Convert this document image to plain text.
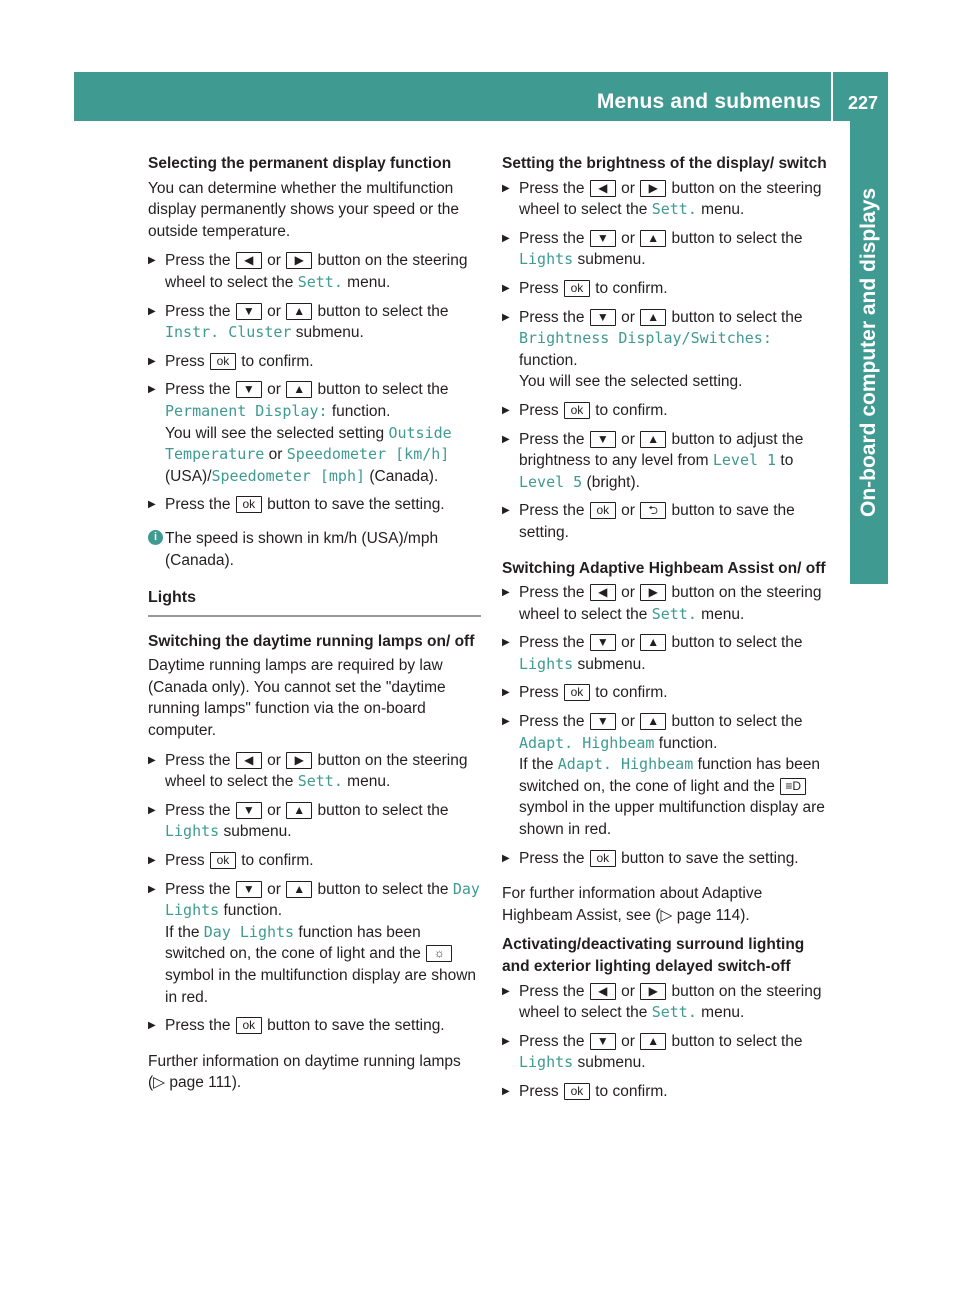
Menus and submenus 227
On-board computer and displays
Selecting the permanent display function

You can determine whether the multifunction display permanently shows your speed or the outside temperature.

▶ Press the ◀ or ▶ button on the steering wheel to select the Sett. menu.
▶ Press the ▼ or ▲ button to select the Instr. Cluster submenu.
▶ Press ok to confirm.
▶ Press the ▼ or ▲ button to select the Permanent Display: function.
You will see the selected setting Outside Temperature or Speedometer [km/h] (USA)/Speedometer [mph] (Canada).
▶ Press the ok button to save the setting.
i The speed is shown in km/h (USA)/mph (Canada).
Lights
Switching the daytime running lamps on/ off

Daytime running lamps are required by law (Canada only). You cannot set the "daytime running lamps" function via the on-board computer.

▶ Press the ◀ or ▶ button on the steering wheel to select the Sett. menu.
▶ Press the ▼ or ▲ button to select the Lights submenu.
▶ Press ok to confirm.
▶ Press the ▼ or ▲ button to select the Day Lights function.
If the Day Lights function has been switched on, the cone of light and the ☼ symbol in the multifunction display are shown in red.
▶ Press the ok button to save the setting.

Further information on daytime running lamps (▷ page 111).

Setting the brightness of the display/ switch
▶ Press the ◀ or ▶ button on the steering wheel to select the Sett. menu.
▶ Press the ▼ or ▲ button to select the Lights submenu.
▶ Press ok to confirm.
▶ Press the ▼ or ▲ button to select the Brightness Display/Switches:
function.
You will see the selected setting.
▶ Press ok to confirm.
▶ Press the ▼ or ▲ button to adjust the brightness to any level from Level 1 to Level 5 (bright).
▶ Press the ok or ⮌ button to save the setting.
Switching Adaptive Highbeam Assist on/ off
▶ Press the ◀ or ▶ button on the steering wheel to select the Sett. menu.
▶ Press the ▼ or ▲ button to select the Lights submenu.
▶ Press ok to confirm.
▶ Press the ▼ or ▲ button to select the Adapt. Highbeam function.
If the Adapt. Highbeam function has been switched on, the cone of light and the ≡D symbol in the upper multifunction display are shown in red.
▶ Press the ok button to save the setting.

For further information about Adaptive Highbeam Assist, see (▷ page 114).

Activating/deactivating surround lighting and exterior lighting delayed switch-off
▶ Press the ◀ or ▶ button on the steering wheel to select the Sett. menu.
▶ Press the ▼ or ▲ button to select the Lights submenu.
▶ Press ok to confirm.
